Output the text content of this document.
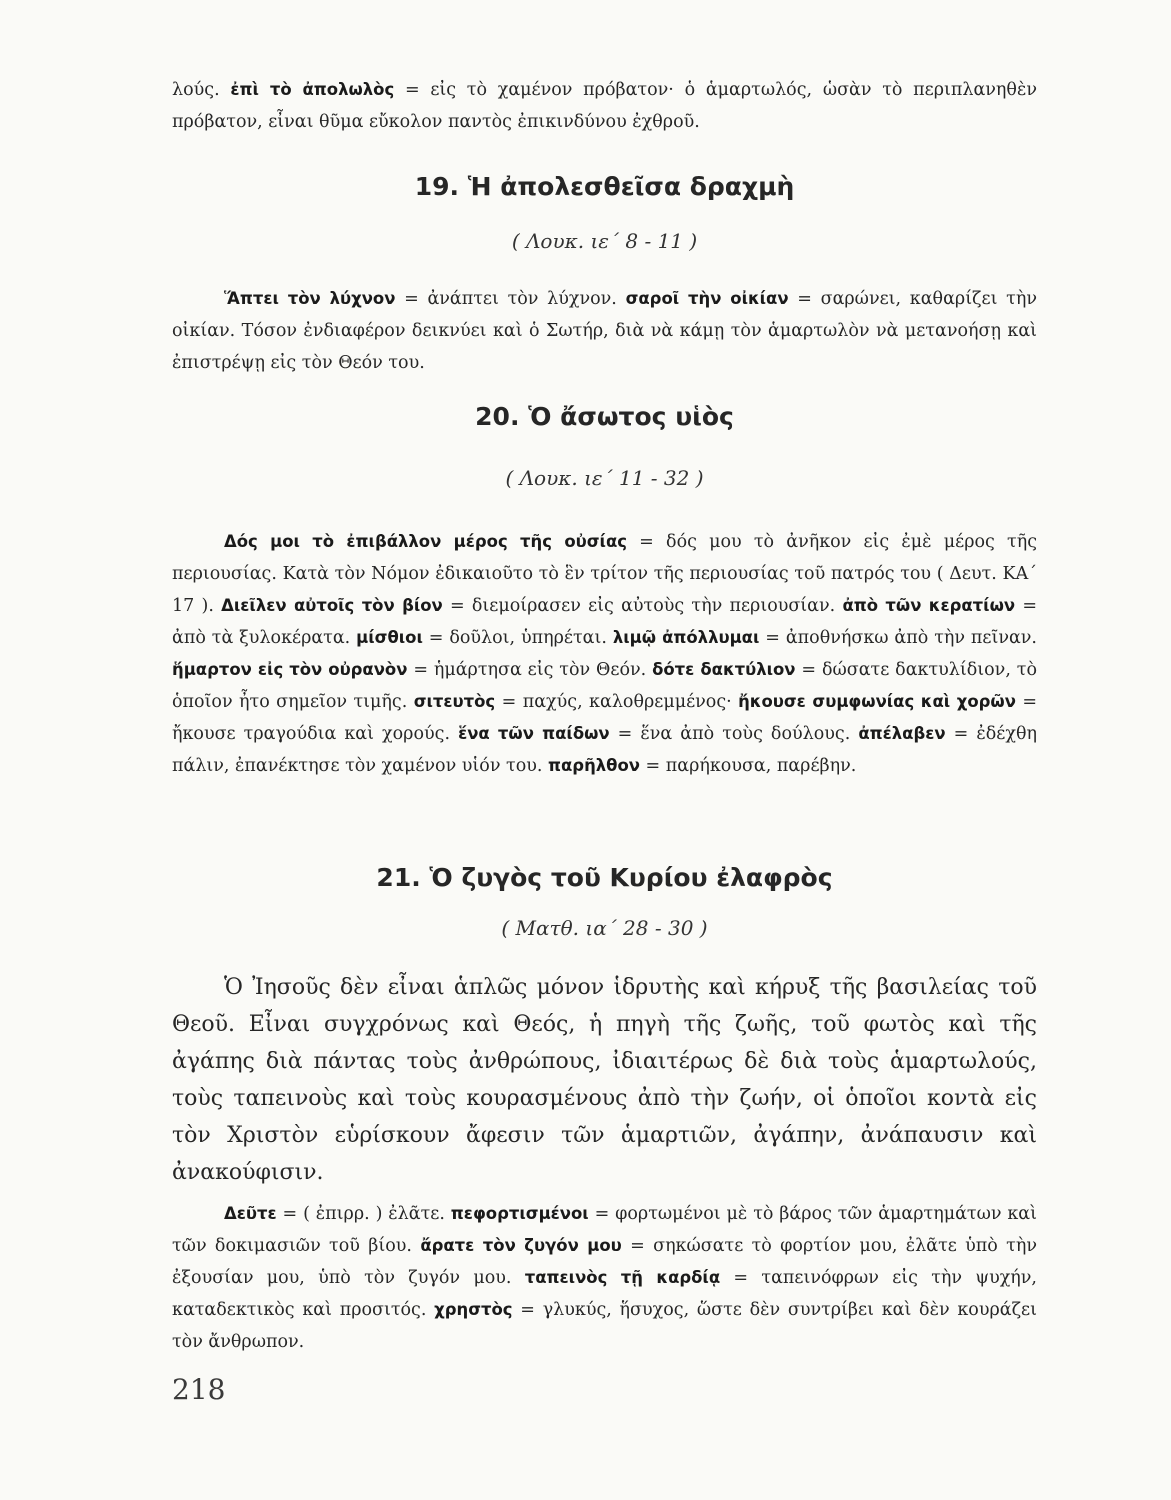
λούς. ἐπὶ τὸ ἀπολωλὸς = εἰς τὸ χαμένον πρόβατον· ὁ ἁμαρτωλός, ὡσὰν τὸ περιπλανηθὲν πρόβατον, εἶναι θῦμα εὔκολον παντὸς ἐπικινδύνου ἐχθροῦ.

19. Ἡ ἀπολεσθεῖσα δραχμὴ
( Λουκ. ιε΄ 8 - 11 )

Ἅπτει τὸν λύχνον = ἀνάπτει τὸν λύχνον. σαροῖ τὴν οἰκίαν = σαρώνει, καθαρίζει τὴν οἰκίαν. Τόσον ἐνδιαφέρον δεικνύει καὶ ὁ Σωτήρ, διὰ νὰ κάμῃ τὸν ἁμαρτωλὸν νὰ μετανοήσῃ καὶ ἐπιστρέψῃ εἰς τὸν Θεόν του.

20. Ὁ ἄσωτος υἱὸς
( Λουκ. ιε΄ 11 - 32 )

Δός μοι τὸ ἐπιβάλλον μέρος τῆς οὐσίας = δός μου τὸ ἀνῆκον εἰς ἐμὲ μέρος τῆς περιουσίας. Κατὰ τὸν Νόμον ἐδικαιοῦτο τὸ ἓν τρίτον τῆς περιουσίας τοῦ πατρός του ( Δευτ. ΚΑ΄ 17 ). Διεῖλεν αὐτοῖς τὸν βίον = διεμοίρασεν εἰς αὐτοὺς τὴν περιουσίαν. ἀπὸ τῶν κερατίων = ἀπὸ τὰ ξυλοκέρατα. μίσθιοι = δοῦλοι, ὑπηρέται. λιμῷ ἀπόλλυμαι = ἀποθνήσκω ἀπὸ τὴν πεῖναν. ἥμαρτον εἰς τὸν οὐρανὸν = ἡμάρτησα εἰς τὸν Θεόν. δότε δακτύλιον = δώσατε δακτυλίδιον, τὸ ὁποῖον ἦτο σημεῖον τιμῆς. σιτευτὸς = παχύς, καλοθρεμμένος· ἤκουσε συμφωνίας καὶ χορῶν = ἤκουσε τραγούδια καὶ χορούς. ἕνα τῶν παίδων = ἕνα ἀπὸ τοὺς δούλους. ἀπέλαβεν = ἐδέχθη πάλιν, ἐπανέκτησε τὸν χαμένον υἱόν του. παρῆλθον = παρήκουσα, παρέβην.

21. Ὁ ζυγὸς τοῦ Κυρίου ἐλαφρὸς
( Ματθ. ια΄ 28 - 30 )

Ὁ Ἰησοῦς δὲν εἶναι ἁπλῶς μόνον ἱδρυτὴς καὶ κήρυξ τῆς βασιλείας τοῦ Θεοῦ. Εἶναι συγχρόνως καὶ Θεός, ἡ πηγὴ τῆς ζωῆς, τοῦ φωτὸς καὶ τῆς ἀγάπης διὰ πάντας τοὺς ἀνθρώπους, ἰδιαιτέρως δὲ διὰ τοὺς ἁμαρτωλούς, τοὺς ταπεινοὺς καὶ τοὺς κουρασμένους ἀπὸ τὴν ζωήν, οἱ ὁποῖοι κοντὰ εἰς τὸν Χριστὸν εὑρίσκουν ἄφεσιν τῶν ἁμαρτιῶν, ἀγάπην, ἀνάπαυσιν καὶ ἀνακούφισιν.

Δεῦτε = ( ἐπιρρ. ) ἐλᾶτε. πεφορτισμένοι = φορτωμένοι μὲ τὸ βάρος τῶν ἁμαρτημάτων καὶ τῶν δοκιμασιῶν τοῦ βίου. ἄρατε τὸν ζυγόν μου = σηκώσατε τὸ φορτίον μου, ἐλᾶτε ὑπὸ τὴν ἐξουσίαν μου, ὑπὸ τὸν ζυγόν μου. ταπεινὸς τῇ καρδίᾳ = ταπεινόφρων εἰς τὴν ψυχήν, καταδεκτικὸς καὶ προσιτός. χρηστὸς = γλυκύς, ἥσυχος, ὥστε δὲν συντρίβει καὶ δὲν κουράζει τὸν ἄνθρωπον.

218
